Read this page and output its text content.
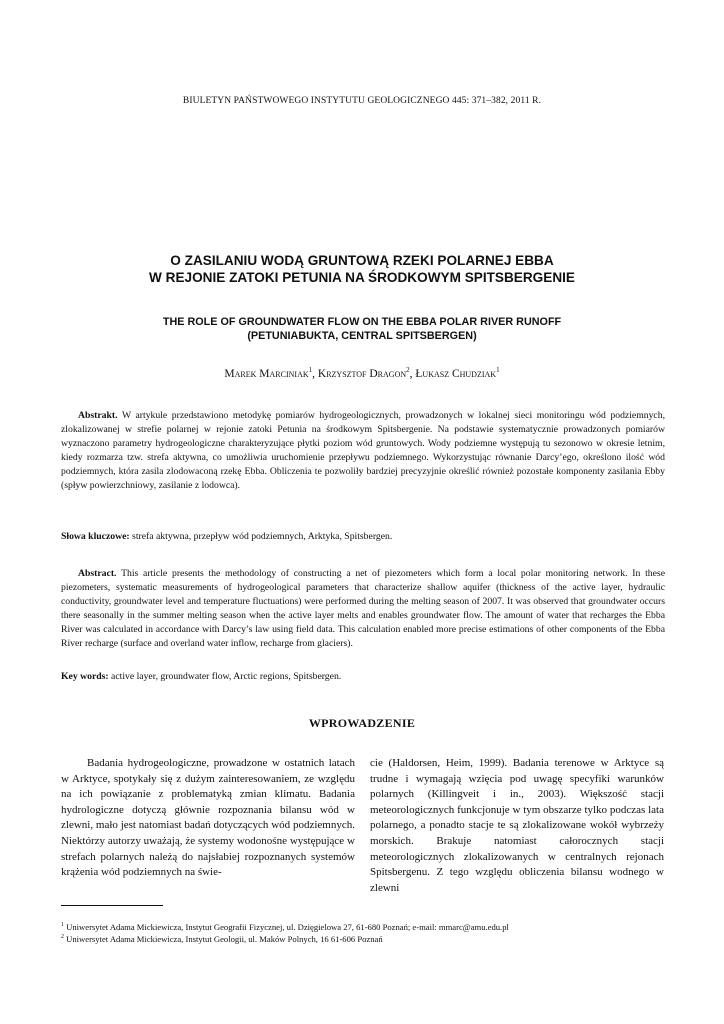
BIULETYN PAŃSTWOWEGO INSTYTUTU GEOLOGICZNEGO 445: 371–382, 2011 R.
O ZASILANIU WODĄ GRUNTOWĄ RZEKI POLARNEJ EBBA
W REJONIE ZATOKI PETUNIA NA ŚRODKOWYM SPITSBERGENIE
THE ROLE OF GROUNDWATER FLOW ON THE EBBA POLAR RIVER RUNOFF
(PETUNIABUKTA, CENTRAL SPITSBERGEN)
Marek Marciniak$^1$, Krzysztof Dragon$^2$, Łukasz Chudziak$^1$
Abstrakt. W artykule przedstawiono metodykę pomiarów hydrogeologicznych, prowadzonych w lokalnej sieci monitoringu wód podziemnych, zlokalizowanej w strefie polarnej w rejonie zatoki Petunia na środkowym Spitsbergenie. Na podstawie systematycznie prowadzonych pomiarów wyznaczono parametry hydrogeologiczne charakteryzujące płytki poziom wód gruntowych. Wody podziemne występują tu sezonowo w okresie letnim, kiedy rozmarza tzw. strefa aktywna, co umożliwia uruchomienie przepływu podziemnego. Wykorzystując równanie Darcy’ego, określono ilość wód podziemnych, która zasila zlodowaconą rzekę Ebba. Obliczenia te pozwoliły bardziej precyzyjnie określić również pozostałe komponenty zasilania Ebby (spływ powierzchniowy, zasilanie z lodowca).
Słowa kluczowe: strefa aktywna, przepływ wód podziemnych, Arktyka, Spitsbergen.
Abstract. This article presents the methodology of constructing a net of piezometers which form a local polar monitoring network. In these piezometers, systematic measurements of hydrogeological parameters that characterize shallow aquifer (thickness of the active layer, hydraulic conductivity, groundwater level and temperature fluctuations) were performed during the melting season of 2007. It was observed that groundwater occurs there seasonally in the summer melting season when the active layer melts and enables groundwater flow. The amount of water that recharges the Ebba River was calculated in accordance with Darcy’s law using field data. This calculation enabled more precise estimations of other components of the Ebba River recharge (surface and overland water inflow, recharge from glaciers).
Key words: active layer, groundwater flow, Arctic regions, Spitsbergen.
WPROWADZENIE
Badania hydrogeologiczne, prowadzone w ostatnich latach w Arktyce, spotykały się z dużym zainteresowaniem, ze względu na ich powiązanie z problematyką zmian klimatu. Badania hydrologiczne dotyczą głównie rozpoznania bilansu wód w zlewni, mało jest natomiast badań dotyczących wód podziemnych. Niektórzy autorzy uważają, że systemy wodonośne występujące w strefach polarnych należą do najsłabiej rozpoznanych systemów krążenia wód podziemnych na świe-
cie (Haldorsen, Heim, 1999). Badania terenowe w Arktyce są trudne i wymagają wzięcia pod uwagę specyfiki warunków polarnych (Killingveit i in., 2003). Większość stacji meteorologicznych funkcjonuje w tym obszarze tylko podczas lata polarnego, a ponadto stacje te są zlokalizowane wokół wybrzeży morskich. Brakuje natomiast całorocznych stacji meteorologicznych zlokalizowanych w centralnych rejonach Spitsbergenu. Z tego względu obliczenia bilansu wodnego w zlewni
$^1$ Uniwersytet Adama Mickiewicza, Instytut Geografii Fizycznej, ul. Dzięgielowa 27, 61-680 Poznań; e-mail: mmarc@amu.edu.pl
$^2$ Uniwersytet Adama Mickiewicza, Instytut Geologii, ul. Maków Polnych, 16 61-606 Poznań
